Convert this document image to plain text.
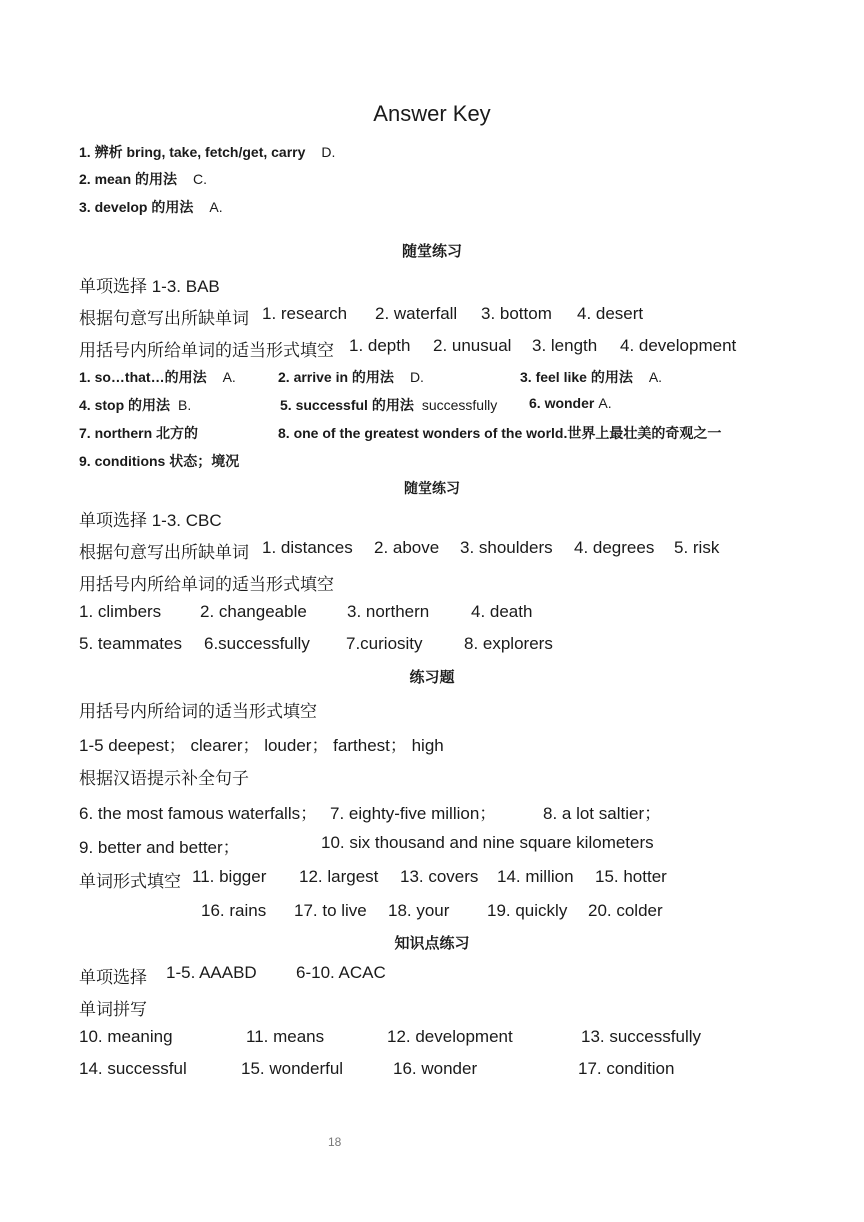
Answer Key
1. 辨析 bring, take, fetch/get, carry D.
2. mean 的用法 C.
3. develop 的用法 A.
随堂练习
单项选择 1-3. BAB
根据句意写出所缺单词 1. research 2. waterfall 3. bottom 4. desert
用括号内所给单词的适当形式填空 1. depth 2. unusual 3. length 4. development
1. so…that…的用法 A.	2. arrive in 的用法 D.	3. feel like 的用法 A.
4. stop 的用法 B.	5. successful 的用法 successfully 6. wonder A.
7. northern 北方的	8. one of the greatest wonders of the world.世界上最壮美的奇观之一
9. conditions 状态；境况
随堂练习
单项选择 1-3. CBC
根据句意写出所缺单词 1. distances 2. above 3. shoulders 4. degrees 5. risk
用括号内所给单词的适当形式填空
1. climbers 2. changeable 3. northern 4. death
5. teammates 6.successfully 7.curiosity 8. explorers
练习题
用括号内所给词的适当形式填空
1-5 deepest； clearer； louder； farthest； high
根据汉语提示补全句子
6. the most famous waterfalls； 7. eighty-five million；	8. a lot saltier；
9. better and better；	10. six thousand and nine square kilometers
单词形式填空 11. bigger 12. largest 13. covers 14. million 15. hotter
16. rains 17. to live 18. your 19. quickly 20. colder
知识点练习
单项选择 1-5. AAABD 6-10. ACAC
单词拼写
10. meaning	11. means	12. development	13. successfully
14. successful	15. wonderful	16. wonder	17. condition
18
